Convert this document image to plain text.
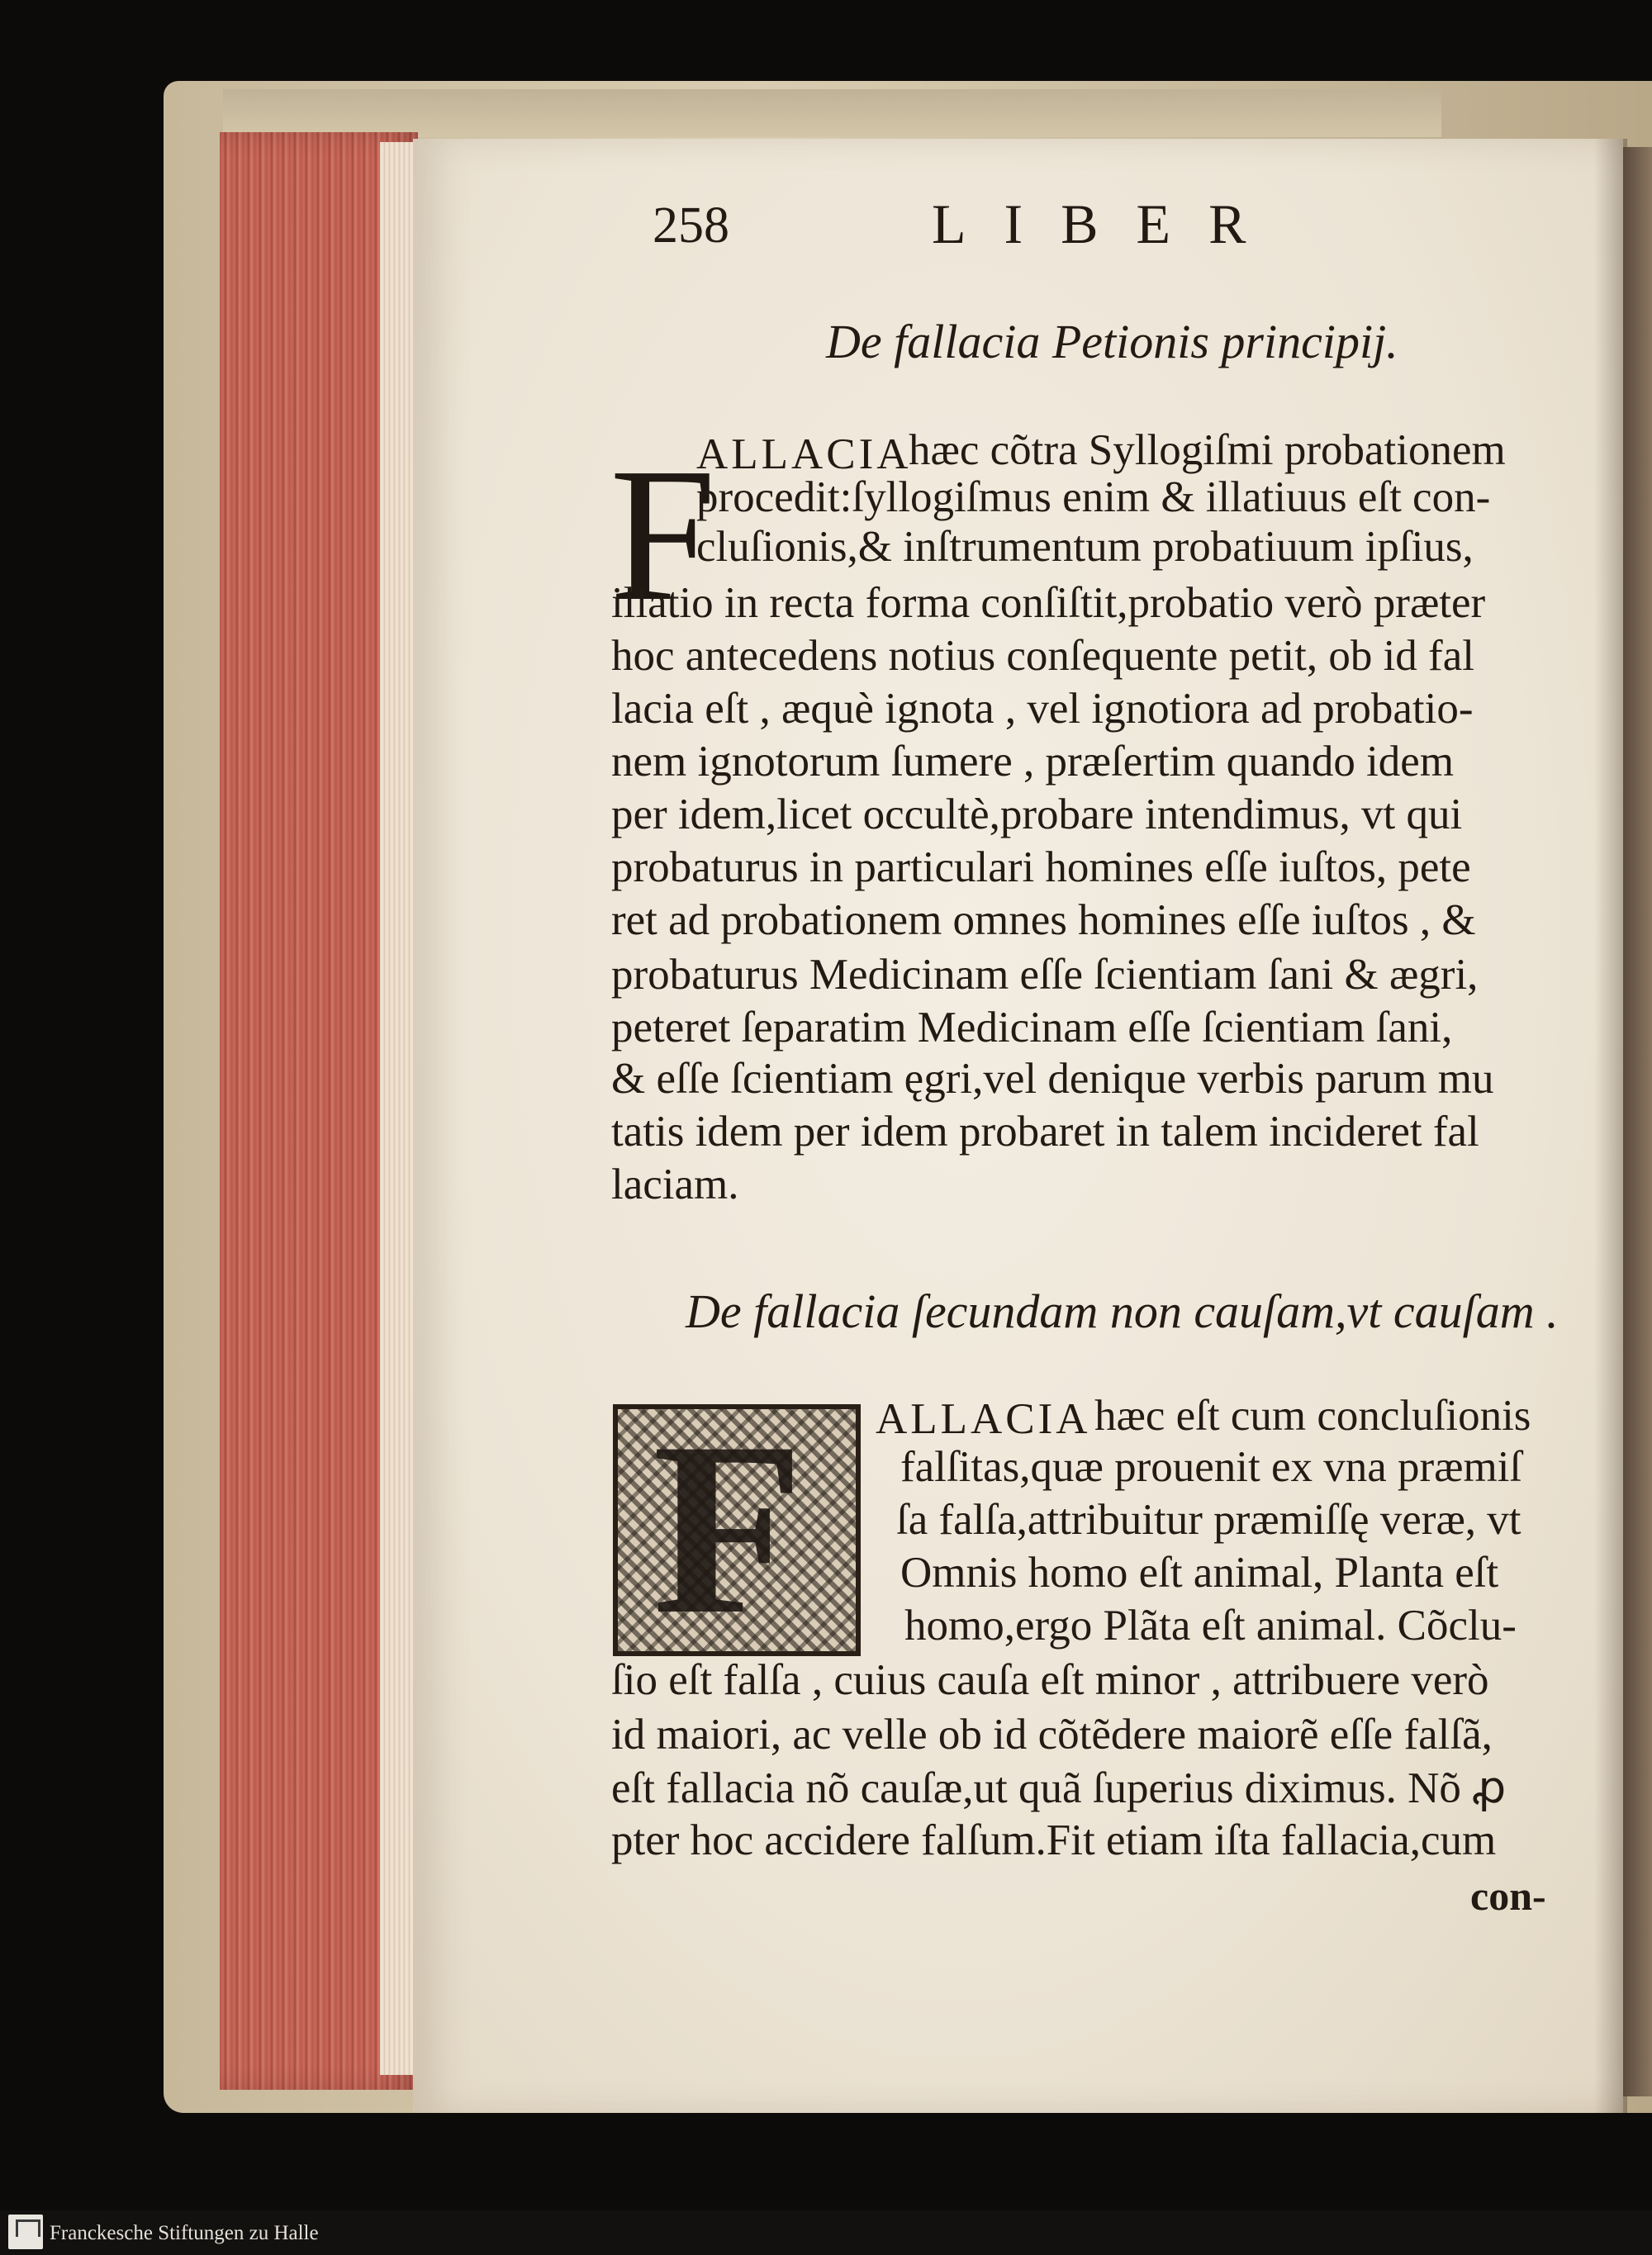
258	LIBER
De fallacia Petionis principij.
F
ALLACIA
hæc cõtra Syllogiſmi probationem
procedit:ſyllogiſmus enim & illatiuus eſt con-
cluſionis,& inſtrumentum probatiuum ipſius,
illatio in recta forma conſiſtit,probatio verò præter
hoc antecedens notius conſequente petit, ob id fal
lacia eſt , æquè ignota , vel ignotiora ad probatio-
nem ignotorum ſumere , præſertim quando idem
per idem,licet occultè,probare intendimus, vt qui
probaturus in particulari homines eſſe iuſtos, pete
ret ad probationem omnes homines eſſe iuſtos , &
probaturus Medicinam eſſe ſcientiam ſani & ægri,
peteret ſeparatim Medicinam eſſe ſcientiam ſani,
& eſſe ſcientiam ęgri,vel denique verbis parum mu
tatis idem per idem probaret in talem incideret fal
laciam.
De fallacia ſecundam non cauſam,vt cauſam .
F ALLACIA hæc eſt cum concluſionis
falſitas,quæ prouenit ex vna præmiſ
ſa falſa,attribuitur præmiſſę veræ, vt
Omnis homo eſt animal, Planta eſt
homo,ergo Plãta eſt animal. Cõclu-
ſio eſt falſa , cuius cauſa eſt minor , attribuere verò
id maiori, ac velle ob id cõtẽdere maiorẽ eſſe falſã,
eſt fallacia nõ cauſæ,ut quã ſuperius diximus. Nõ ꝓ
pter hoc accidere falſum.Fit etiam iſta fallacia,cum
con-
Franckesche Stiftungen zu Halle
